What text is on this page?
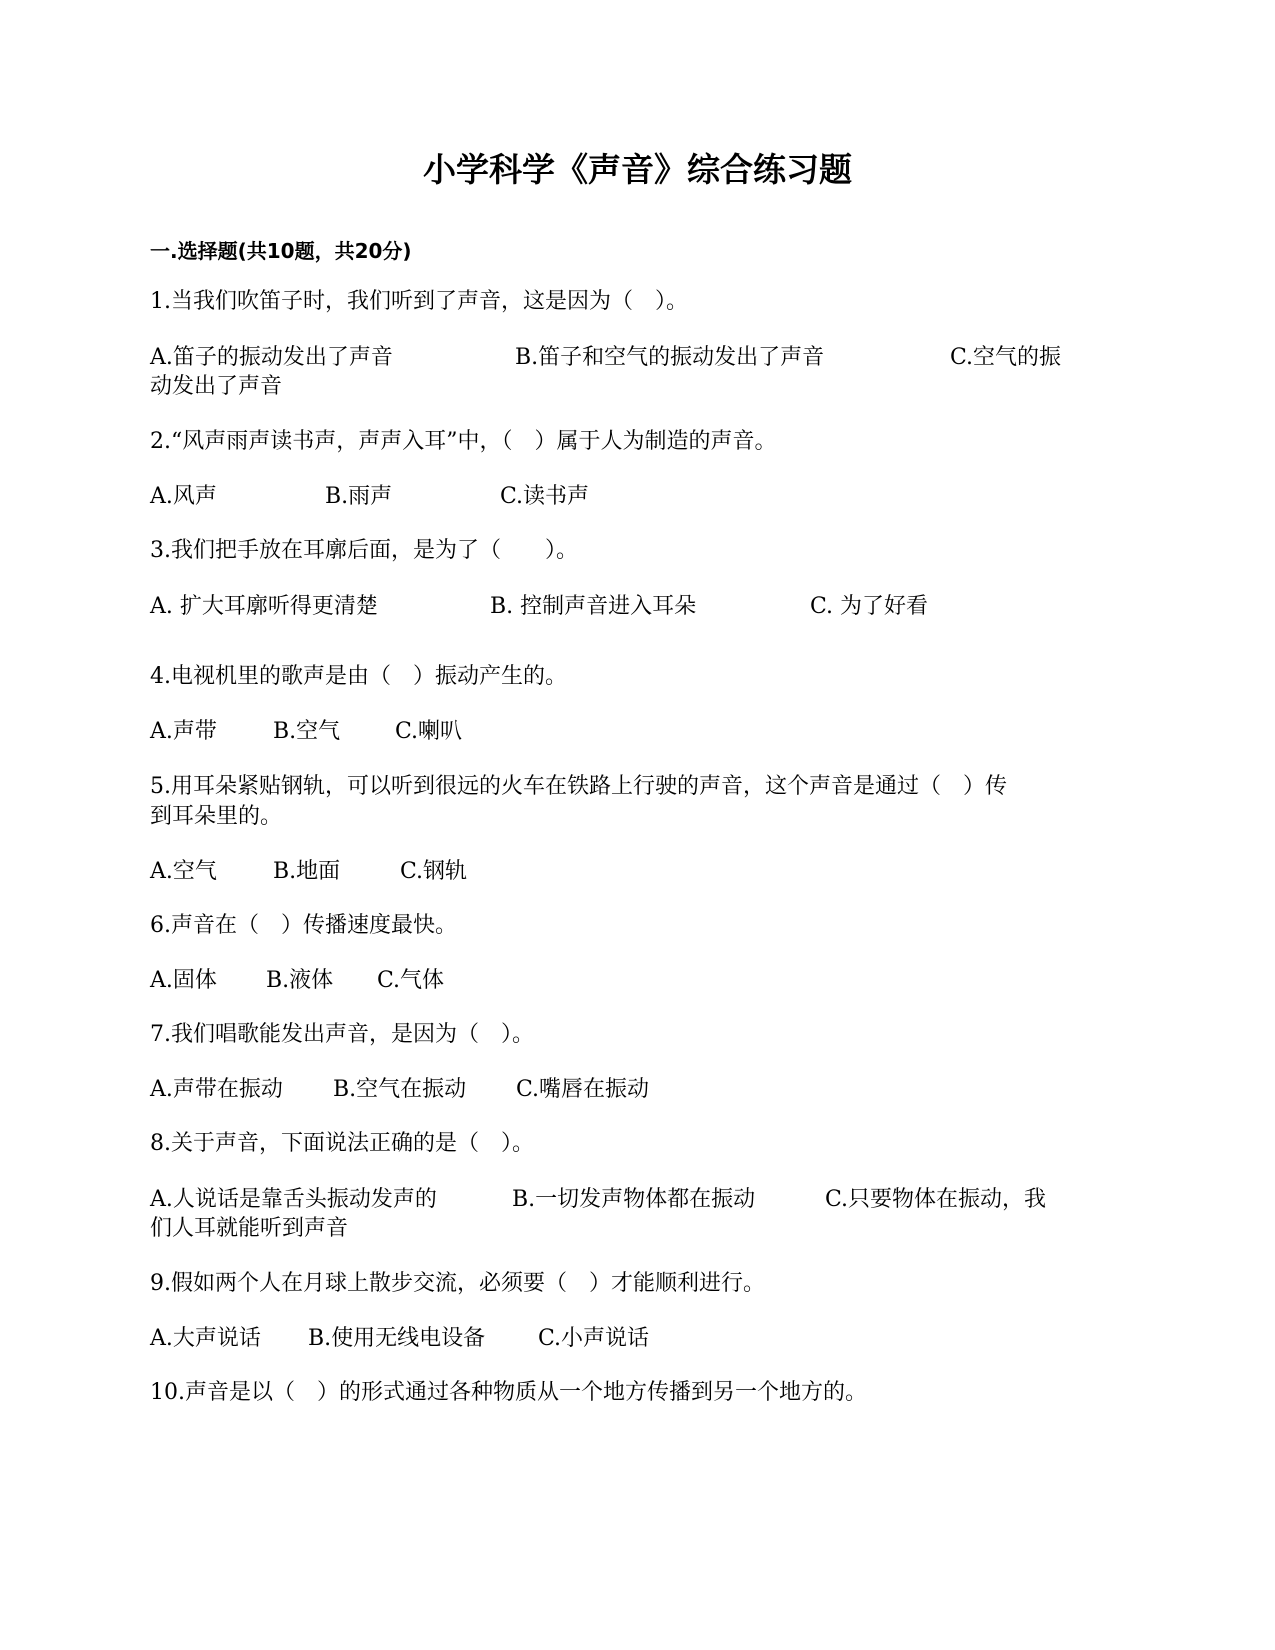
小学科学《声音》综合练习题
一.选择题(共10题，共20分)
1.当我们吹笛子时，我们听到了声音，这是因为（　）。
A.笛子的振动发出了声音	B.笛子和空气的振动发出了声音	C.空气的振
动发出了声音
2.“风声雨声读书声，声声入耳”中，（　）属于人为制造的声音。
A.风声	B.雨声	C.读书声
3.我们把手放在耳廓后面，是为了（　　）。
A. 扩大耳廓听得更清楚	B. 控制声音进入耳朵	C. 为了好看
4.电视机里的歌声是由（　）振动产生的。
A.声带	B.空气 C.喇叭
5.用耳朵紧贴钢轨，可以听到很远的火车在铁路上行驶的声音，这个声音是通过（　）传
到耳朵里的。
A.空气	B.地面	C.钢轨
6.声音在（　）传播速度最快。
A.固体 B.液体 C.气体
7.我们唱歌能发出声音，是因为（　）。
A.声带在振动 B.空气在振动 C.嘴唇在振动
8.关于声音，下面说法正确的是（　）。
A.人说话是靠舌头振动发声的	B.一切发声物体都在振动	C.只要物体在振动，我
们人耳就能听到声音
9.假如两个人在月球上散步交流，必须要（　）才能顺利进行。
A.大声说话 B.使用无线电设备 C.小声说话
10.声音是以（　）的形式通过各种物质从一个地方传播到另一个地方的。
